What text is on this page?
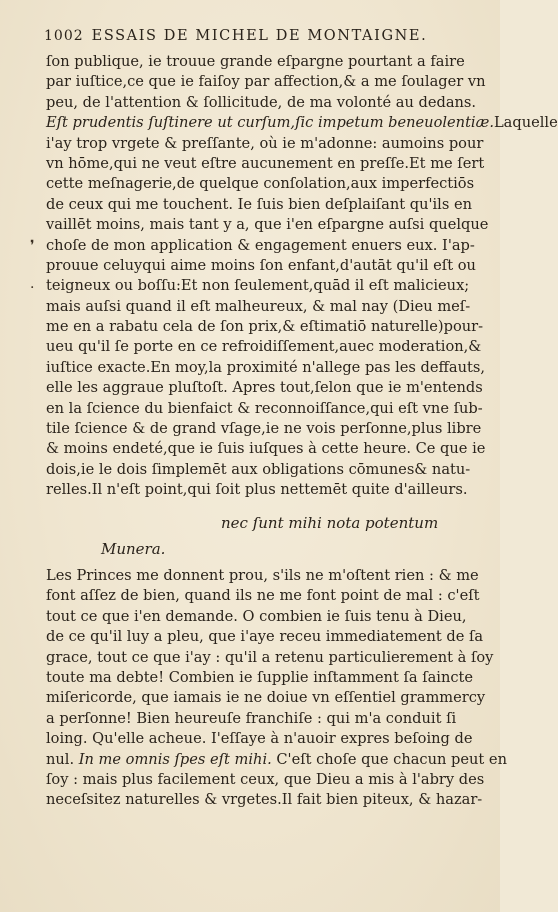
1002 ESSAIS DE MICHEL DE MONTAIGNE.
ſon publique, ie trouue grande eſpargne pourtant a faire
par iuſtice,ce que ie faiſoy par affection,& a me ſoulager vn
peu, de l'attention & ſollicitude, de ma volonté au dedans.
Eſt prudentis ſuſtinere ut curſum,ſic impetum beneuolentiæ.Laquelle
i'ay trop vrgete & preſſante, où ie m'adonne: aumoins pour
vn hōme,qui ne veut eſtre aucunement en preſſe.Et me ſert
cette meſnagerie,de quelque conſolation,aux imperfectiōs
de ceux qui me touchent. Ie ſuis bien deſplaiſant qu'ils en
vaillēt moins, mais tant y a, que i'en eſpargne auſsi quelque
choſe de mon application & engagement enuers eux. I'ap-
prouue celuyqui aime moins ſon enfant,d'autāt qu'il eſt ou
teigneux ou boſſu:Et non ſeulement,quād il eſt malicieux;
mais auſsi quand il eſt malheureux, & mal nay (Dieu meſ-
me en a rabatu cela de ſon prix,& eſtimatiō naturelle)pour-
ueu qu'il ſe porte en ce refroidiſſement,auec moderation,&
iuſtice exacte.En moy,la proximité n'allege pas les deffauts,
elle les aggraue pluſtoſt. Apres tout,ſelon que ie m'entends
en la ſcience du bienfaict & reconnoiſſance,qui eſt vne ſub-
tile ſcience & de grand vſage,ie ne vois perſonne,plus libre
& moins endeté,que ie ſuis iuſques à cette heure. Ce que ie
dois,ie le dois ſimplemēt aux obligations cōmunes& natu-
relles.Il n'eſt point,qui ſoit plus nettemēt quite d'ailleurs.
nec ſunt mihi nota potentum
Munera.
Les Princes me donnent prou, s'ils ne m'oſtent rien : & me
font aſſez de bien, quand ils ne me font point de mal : c'eſt
tout ce que i'en demande. O combien ie ſuis tenu à Dieu,
de ce qu'il luy a pleu, que i'aye receu immediatement de ſa
grace, tout ce que i'ay : qu'il a retenu particulierement à ſoy
toute ma debte! Combien ie ſupplie inſtamment ſa ſaincte
miſericorde, que iamais ie ne doiue vn eſſentiel grammercy
a perſonne! Bien heureuſe franchiſe : qui m'a conduit ſi
loing. Qu'elle acheue. I'eſſaye à n'auoir expres beſoing de
nul. In me omnis ſpes eſt mihi. C'eſt choſe que chacun peut en
ſoy : mais plus facilement ceux, que Dieu a mis à l'abry des
neceſsitez naturelles & vrgetes.Il fait bien piteux, & hazar-
❜
·
